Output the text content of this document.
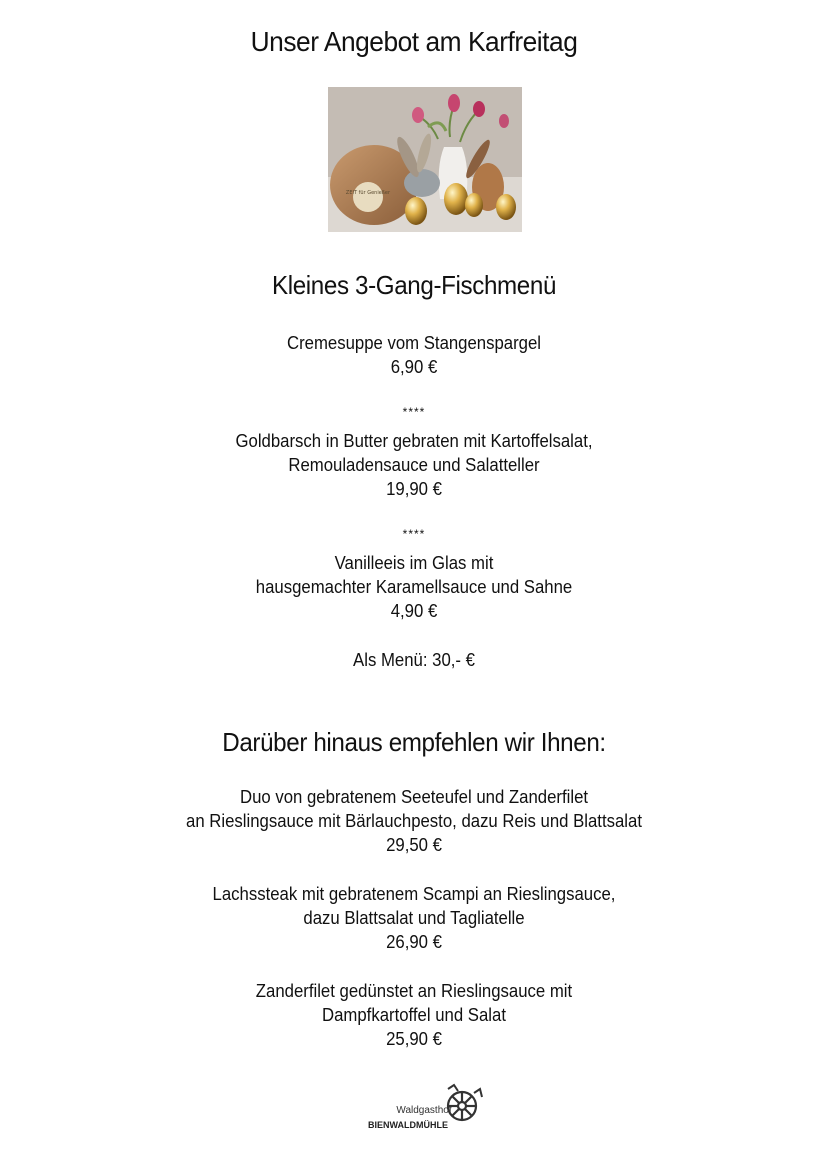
Unser Angebot am Karfreitag
ZEIT für Genießer
Kleines 3-Gang-Fischmenü
Cremesuppe vom Stangenspargel
6,90 €
****
Goldbarsch in Butter gebraten mit Kartoffelsalat,
Remouladensauce und Salatteller
19,90 €
****
Vanilleeis im Glas mit
hausgemachter Karamellsauce und Sahne
4,90 €
Als Menü: 30,- €
Darüber hinaus empfehlen wir Ihnen:
Duo von gebratenem Seeteufel und Zanderfilet
an Rieslingsauce mit Bärlauchpesto, dazu Reis und Blattsalat
29,50 €
Lachssteak mit gebratenem Scampi an Rieslingsauce,
dazu Blattsalat und Tagliatelle
26,90 €
Zanderfilet gedünstet an Rieslingsauce mit
Dampfkartoffel und Salat
25,90 €
Waldgasthof
BIENWALDMÜHLE
